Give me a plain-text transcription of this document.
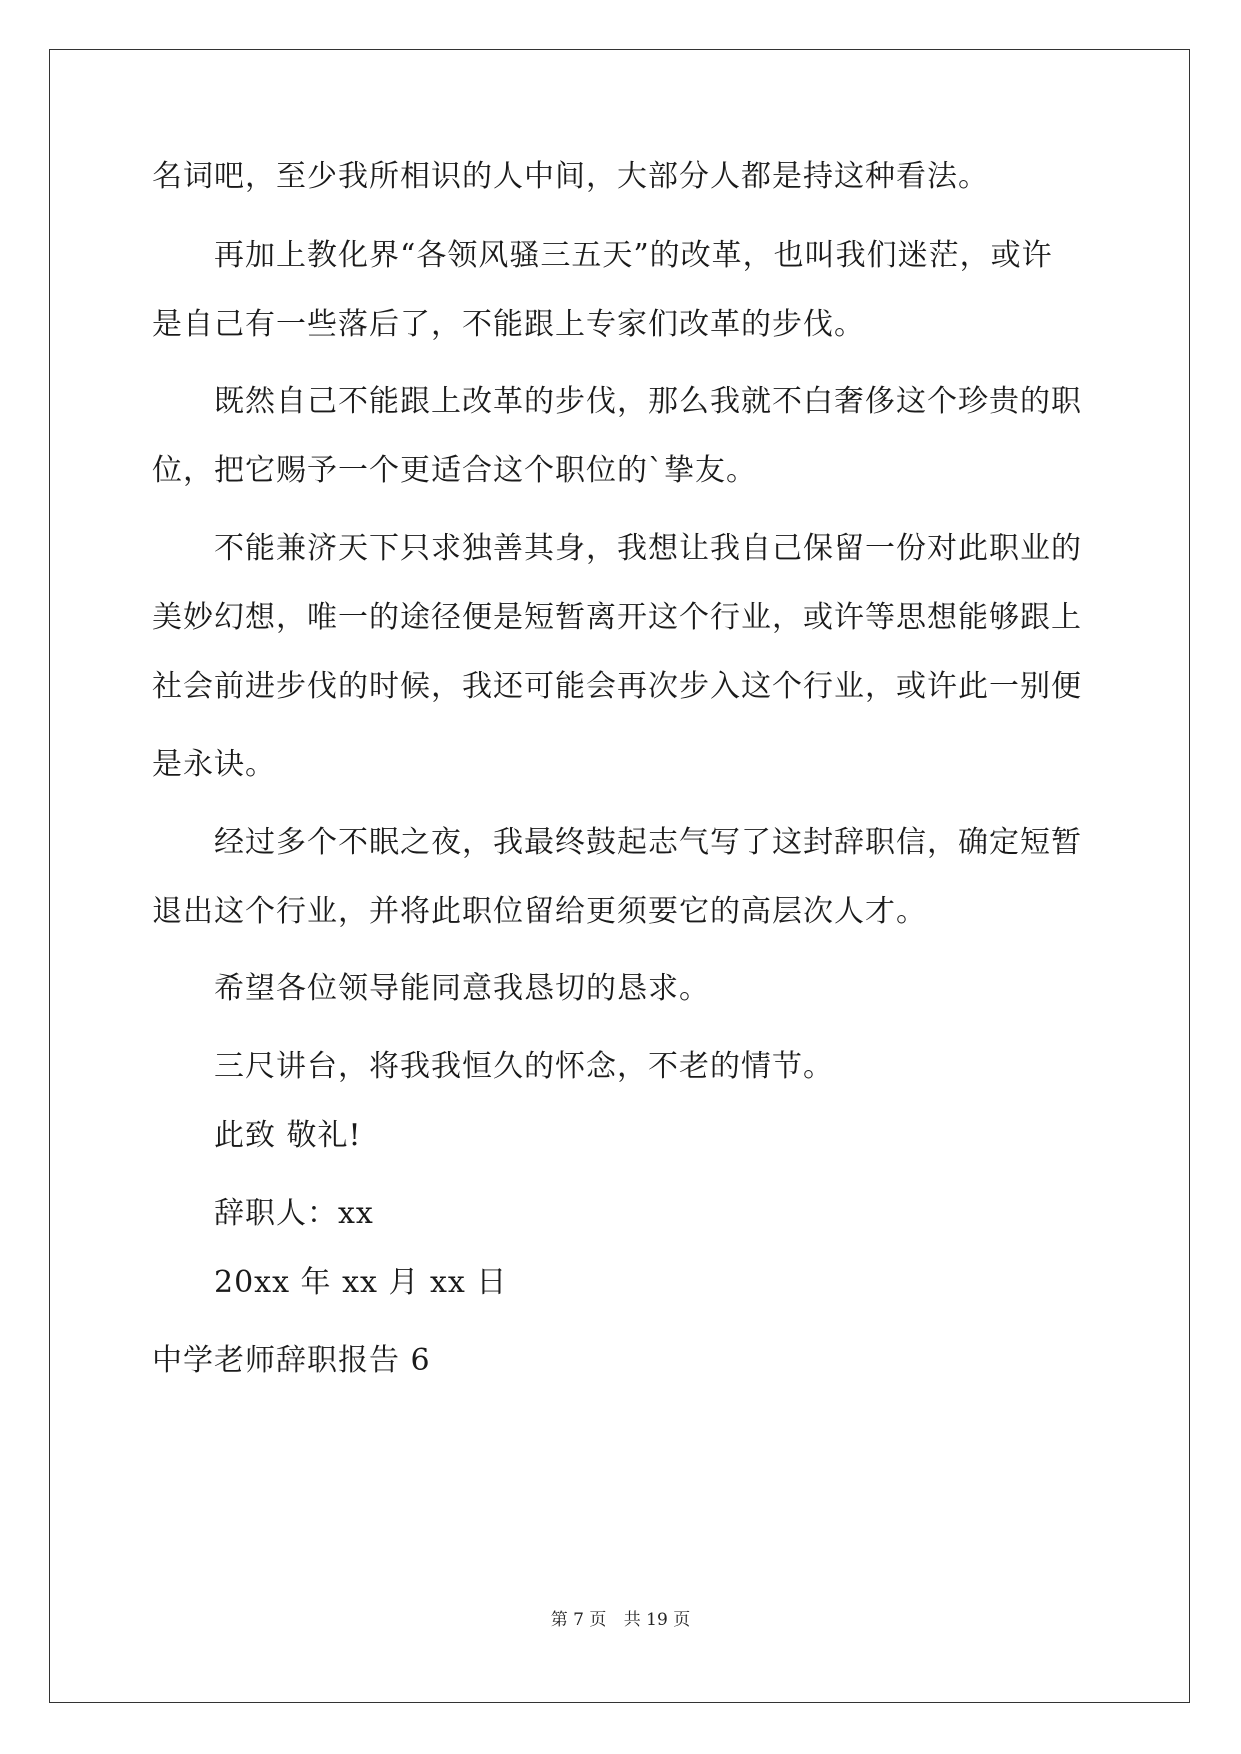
名词吧，至少我所相识的人中间，大部分人都是持这种看法。
再加上教化界“各领风骚三五天”的改革，也叫我们迷茫，或许
是自己有一些落后了，不能跟上专家们改革的步伐。
既然自己不能跟上改革的步伐，那么我就不白奢侈这个珍贵的职
位，把它赐予一个更适合这个职位的`挚友。
不能兼济天下只求独善其身，我想让我自己保留一份对此职业的
美妙幻想，唯一的途径便是短暂离开这个行业，或许等思想能够跟上
社会前进步伐的时候，我还可能会再次步入这个行业，或许此一别便
是永诀。
经过多个不眠之夜，我最终鼓起志气写了这封辞职信，确定短暂
退出这个行业，并将此职位留给更须要它的高层次人才。
希望各位领导能同意我恳切的恳求。
三尺讲台，将我我恒久的怀念，不老的情节。
此致 敬礼!
辞职人：xx
20xx 年 xx 月 xx 日
中学老师辞职报告 6
第 7 页 共 19 页
